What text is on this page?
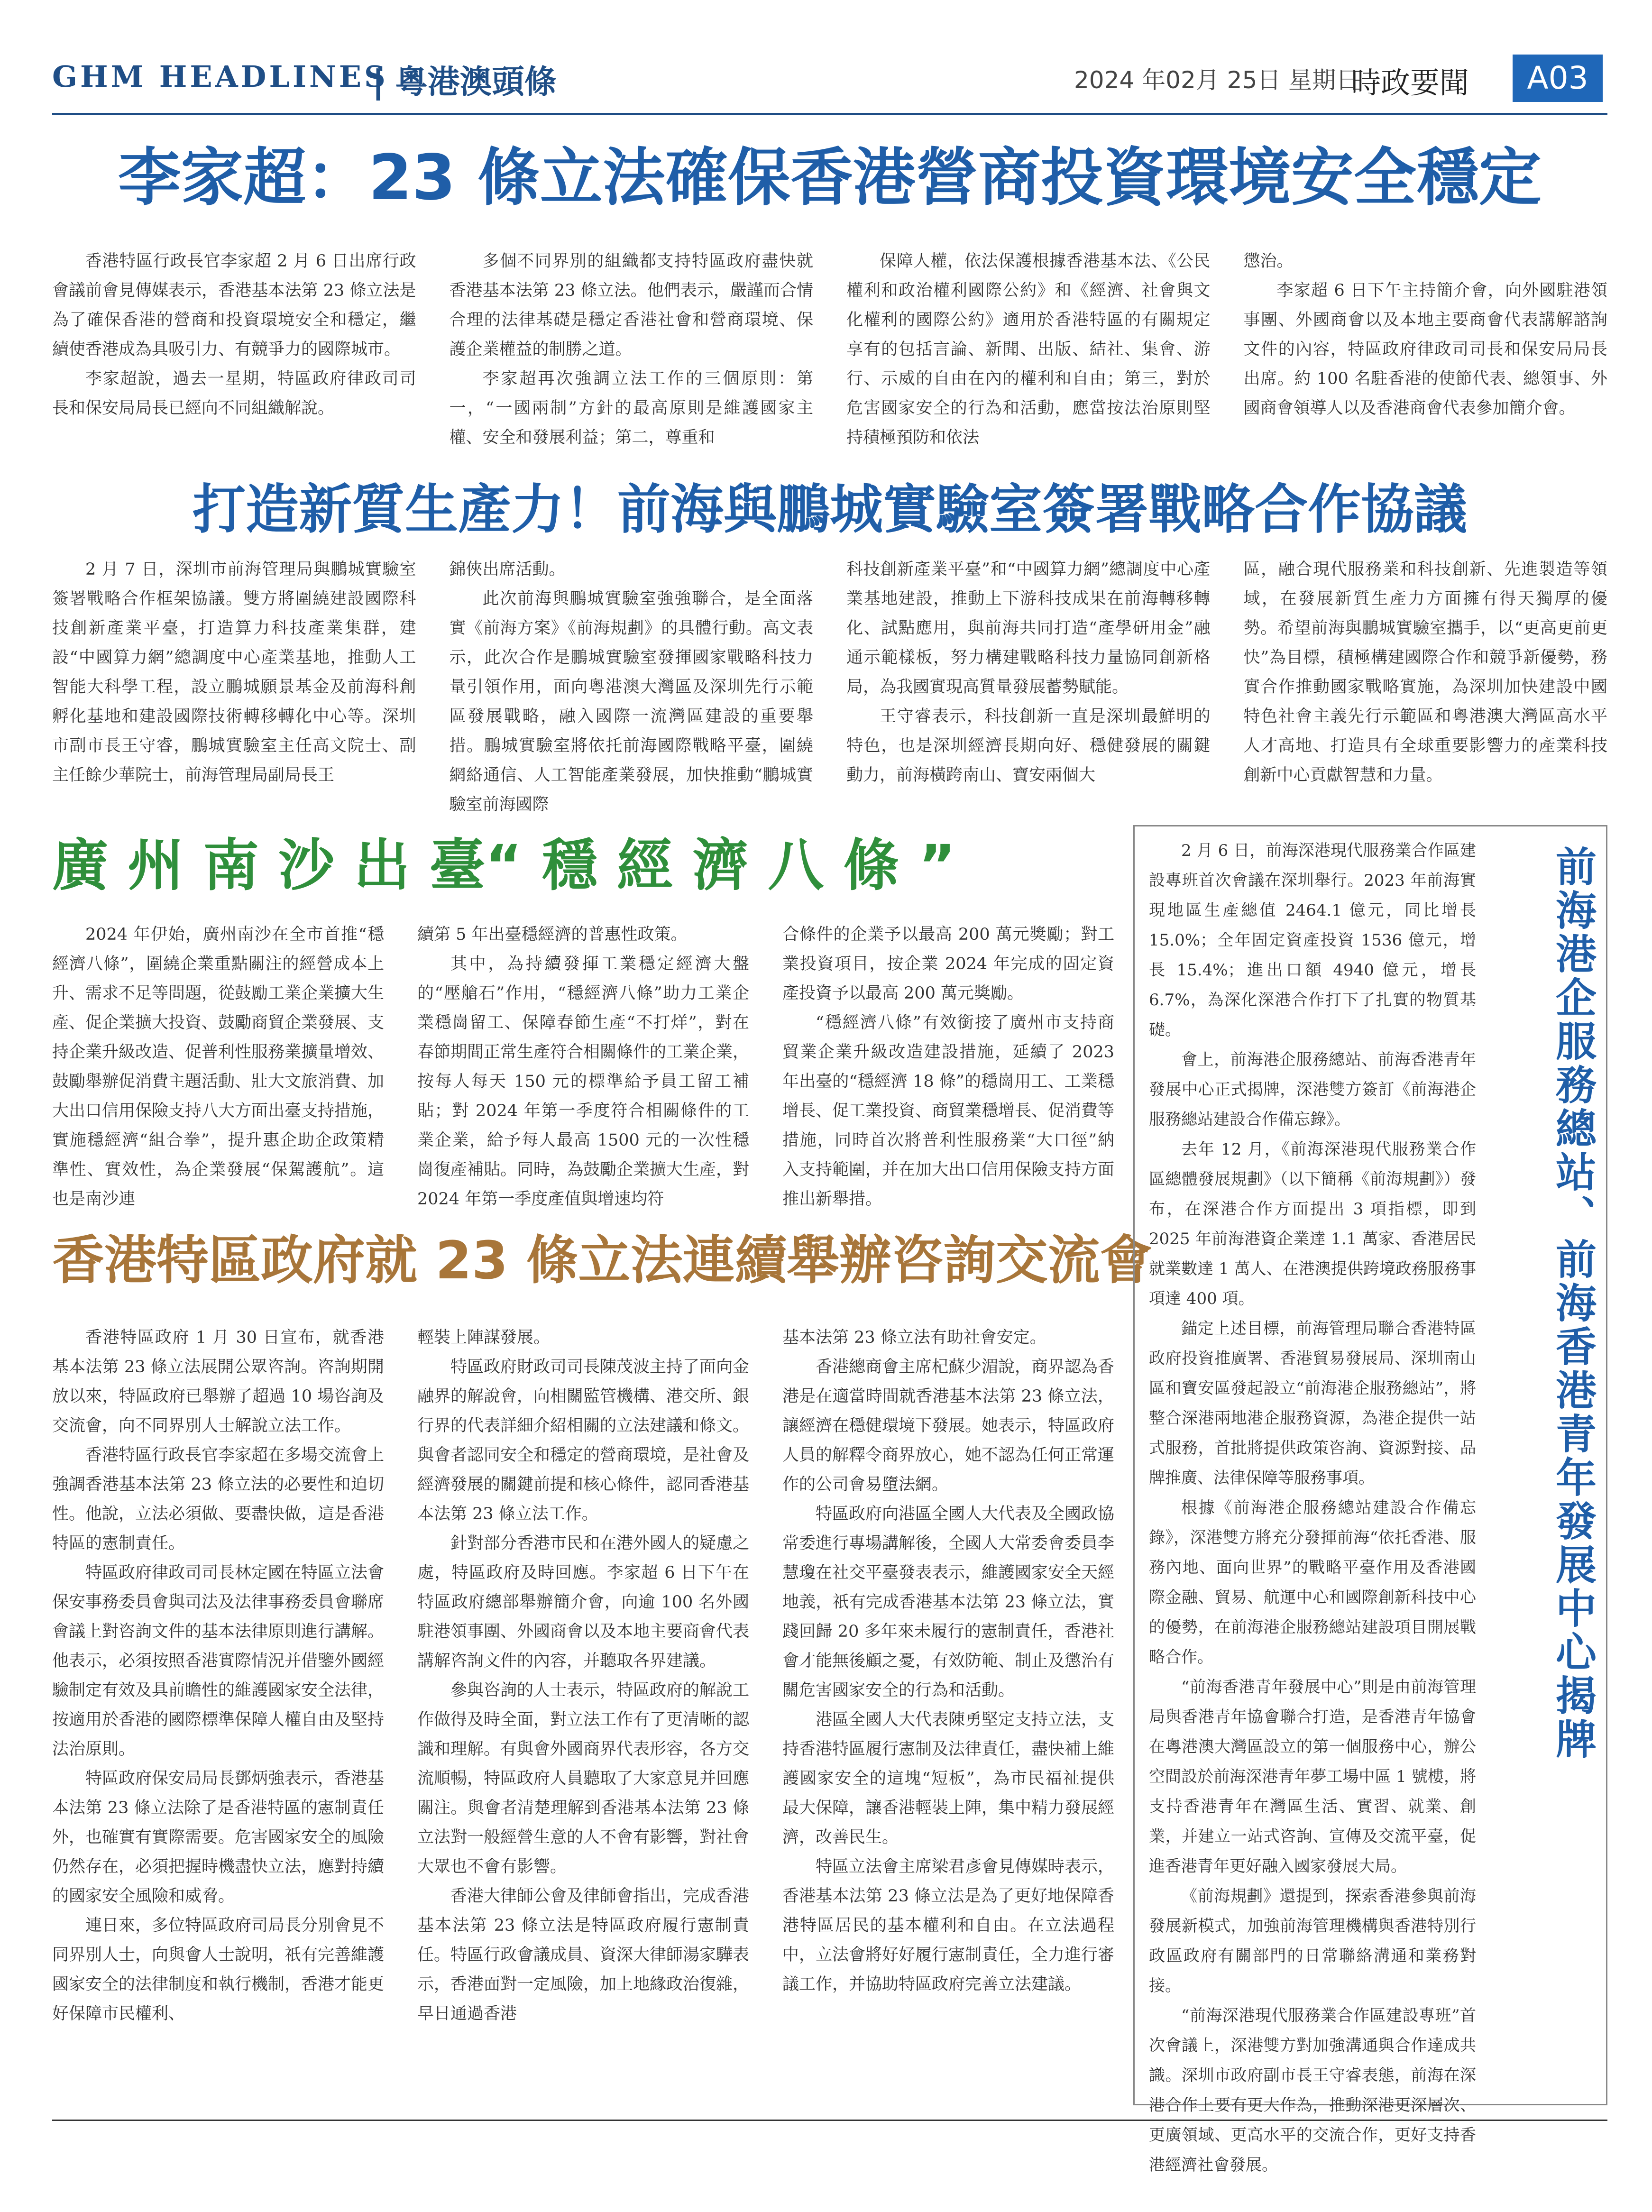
GHM HEADLINES
| 粵港澳頭條	2024 年02月 25日 星期日
時政要聞	A03
李家超：23 條立法確保香港營商投資環境安全穩定

香港特區行政長官李家超 2 月 6 日出席行政會議前會見傳媒表示，香港基本法第 23 條立法是為了確保香港的營商和投資環境安全和穩定，繼續使香港成為具吸引力、有競爭力的國際城市。

李家超說，過去一星期，特區政府律政司司長和保安局局長已經向不同組織解說。

多個不同界別的組織都支持特區政府盡快就香港基本法第 23 條立法。他們表示，嚴謹而合情合理的法律基礎是穩定香港社會和營商環境、保護企業權益的制勝之道。

李家超再次強調立法工作的三個原則：第一，“一國兩制”方針的最高原則是維護國家主權、安全和發展利益；第二，尊重和

保障人權，依法保護根據香港基本法、《公民權利和政治權利國際公約》和《經濟、社會與文化權利的國際公約》適用於香港特區的有關規定享有的包括言論、新聞、出版、結社、集會、游行、示威的自由在內的權利和自由；第三，對於危害國家安全的行為和活動，應當按法治原則堅持積極預防和依法

懲治。

李家超 6 日下午主持簡介會，向外國駐港領事團、外國商會以及本地主要商會代表講解諮詢文件的內容，特區政府律政司司長和保安局局長出席。約 100 名駐香港的使節代表、總領事、外國商會領導人以及香港商會代表參加簡介會。

打造新質生產力！前海與鵬城實驗室簽署戰略合作協議

2 月 7 日，深圳市前海管理局與鵬城實驗室簽署戰略合作框架協議。雙方將圍繞建設國際科技創新產業平臺，打造算力科技產業集群，建設“中國算力網”總調度中心產業基地，推動人工智能大科學工程，設立鵬城願景基金及前海科創孵化基地和建設國際技術轉移轉化中心等。深圳市副市長王守睿，鵬城實驗室主任高文院士、副主任餘少華院士，前海管理局副局長王

錦俠出席活動。

此次前海與鵬城實驗室強強聯合，是全面落實《前海方案》《前海規劃》的具體行動。高文表示，此次合作是鵬城實驗室發揮國家戰略科技力量引領作用，面向粵港澳大灣區及深圳先行示範區發展戰略，融入國際一流灣區建設的重要舉措。鵬城實驗室將依托前海國際戰略平臺，圍繞網絡通信、人工智能產業發展，加快推動“鵬城實驗室前海國際

科技創新產業平臺”和“中國算力網”總調度中心產業基地建設，推動上下游科技成果在前海轉移轉化、試點應用，與前海共同打造“產學研用金”融通示範樣板，努力構建戰略科技力量協同創新格局，為我國實現高質量發展蓄勢賦能。

王守睿表示，科技創新一直是深圳最鮮明的特色，也是深圳經濟長期向好、穩健發展的關鍵動力，前海橫跨南山、寶安兩個大

區，融合現代服務業和科技創新、先進製造等領域，在發展新質生產力方面擁有得天獨厚的優勢。希望前海與鵬城實驗室攜手，以“更高更前更快”為目標，積極構建國際合作和競爭新優勢，務實合作推動國家戰略實施，為深圳加快建設中國特色社會主義先行示範區和粵港澳大灣區高水平人才高地、打造具有全球重要影響力的產業科技創新中心貢獻智慧和力量。

廣 州 南 沙 出 臺“ 穩 經 濟 八 條 ”

2024 年伊始，廣州南沙在全市首推“穩經濟八條”，圍繞企業重點關注的經營成本上升、需求不足等問題，從鼓勵工業企業擴大生產、促企業擴大投資、鼓勵商貿企業發展、支持企業升級改造、促普利性服務業擴量增效、鼓勵舉辦促消費主題活動、壯大文旅消費、加大出口信用保險支持八大方面出臺支持措施，實施穩經濟“組合拳”，提升惠企助企政策精準性、實效性，為企業發展“保駕護航”。這也是南沙連

續第 5 年出臺穩經濟的普惠性政策。

其中，為持續發揮工業穩定經濟大盤的“壓艙石”作用，“穩經濟八條”助力工業企業穩崗留工、保障春節生產“不打烊”，對在春節期間正常生產符合相關條件的工業企業，按每人每天 150 元的標準給予員工留工補貼；對 2024 年第一季度符合相關條件的工業企業，給予每人最高 1500 元的一次性穩崗復產補貼。同時，為鼓勵企業擴大生產，對 2024 年第一季度產值與增速均符

合條件的企業予以最高 200 萬元獎勵；對工業投資項目，按企業 2024 年完成的固定資產投資予以最高 200 萬元獎勵。

“穩經濟八條”有效銜接了廣州市支持商貿業企業升級改造建設措施，延續了 2023 年出臺的“穩經濟 18 條”的穩崗用工、工業穩增長、促工業投資、商貿業穩增長、促消費等措施，同時首次將普利性服務業“大口徑”納入支持範圍，并在加大出口信用保險支持方面推出新舉措。

香港特區政府就 23 條立法連續舉辦咨詢交流會

香港特區政府 1 月 30 日宣布，就香港基本法第 23 條立法展開公眾咨詢。咨詢期開放以來，特區政府已舉辦了超過 10 場咨詢及交流會，向不同界別人士解說立法工作。

香港特區行政長官李家超在多場交流會上強調香港基本法第 23 條立法的必要性和迫切性。他說，立法必須做、要盡快做，這是香港特區的憲制責任。

特區政府律政司司長林定國在特區立法會保安事務委員會與司法及法律事務委員會聯席會議上對咨詢文件的基本法律原則進行講解。他表示，必須按照香港實際情況并借鑒外國經驗制定有效及具前瞻性的維護國家安全法律，按適用於香港的國際標準保障人權自由及堅持法治原則。

特區政府保安局局長鄧炳強表示，香港基本法第 23 條立法除了是香港特區的憲制責任外，也確實有實際需要。危害國家安全的風險仍然存在，必須把握時機盡快立法，應對持續的國家安全風險和威脅。

連日來，多位特區政府司局長分別會見不同界別人士，向與會人士說明，祇有完善維護國家安全的法律制度和執行機制，香港才能更好保障市民權利、

輕裝上陣謀發展。

特區政府財政司司長陳茂波主持了面向金融界的解說會，向相關監管機構、港交所、銀行界的代表詳細介紹相關的立法建議和條文。與會者認同安全和穩定的營商環境，是社會及經濟發展的關鍵前提和核心條件，認同香港基本法第 23 條立法工作。

針對部分香港市民和在港外國人的疑慮之處，特區政府及時回應。李家超 6 日下午在特區政府總部舉辦簡介會，向逾 100 名外國駐港領事團、外國商會以及本地主要商會代表講解咨詢文件的內容，并聽取各界建議。

參與咨詢的人士表示，特區政府的解說工作做得及時全面，對立法工作有了更清晰的認識和理解。有與會外國商界代表形容，各方交流順暢，特區政府人員聽取了大家意見并回應關注。與會者清楚理解到香港基本法第 23 條立法對一般經營生意的人不會有影響，對社會大眾也不會有影響。

香港大律師公會及律師會指出，完成香港基本法第 23 條立法是特區政府履行憲制責任。特區行政會議成員、資深大律師湯家驊表示，香港面對一定風險，加上地緣政治復雜，早日通過香港

基本法第 23 條立法有助社會安定。

香港總商會主席杞蘇少湄說，商界認為香港是在適當時間就香港基本法第 23 條立法，讓經濟在穩健環境下發展。她表示，特區政府人員的解釋令商界放心，她不認為任何正常運作的公司會易墮法網。

特區政府向港區全國人大代表及全國政協常委進行專場講解後，全國人大常委會委員李慧瓊在社交平臺發表表示，維護國家安全天經地義，祇有完成香港基本法第 23 條立法，實踐回歸 20 多年來未履行的憲制責任，香港社會才能無後顧之憂，有效防範、制止及懲治有關危害國家安全的行為和活動。

港區全國人大代表陳勇堅定支持立法，支持香港特區履行憲制及法律責任，盡快補上維護國家安全的這塊“短板”，為市民福祉提供最大保障，讓香港輕裝上陣，集中精力發展經濟，改善民生。

特區立法會主席梁君彥會見傳媒時表示，香港基本法第 23 條立法是為了更好地保障香港特區居民的基本權利和自由。在立法過程中，立法會將好好履行憲制責任，全力進行審議工作，并協助特區政府完善立法建議。

2 月 6 日，前海深港現代服務業合作區建設專班首次會議在深圳舉行。2023 年前海實現地區生產總值 2464.1 億元，同比增長 15.0%；全年固定資產投資 1536 億元，增長 15.4%；進出口額 4940 億元，增長 6.7%，為深化深港合作打下了扎實的物質基礎。

會上，前海港企服務總站、前海香港青年發展中心正式揭牌，深港雙方簽訂《前海港企服務總站建設合作備忘錄》。

去年 12 月，《前海深港現代服務業合作區總體發展規劃》（以下簡稱《前海規劃》）發布，在深港合作方面提出 3 項指標，即到 2025 年前海港資企業達 1.1 萬家、香港居民就業數達 1 萬人、在港澳提供跨境政務服務事項達 400 項。

錨定上述目標，前海管理局聯合香港特區政府投資推廣署、香港貿易發展局、深圳南山區和寶安區發起設立“前海港企服務總站”，將整合深港兩地港企服務資源，為港企提供一站式服務，首批將提供政策咨詢、資源對接、品牌推廣、法律保障等服務事項。

根據《前海港企服務總站建設合作備忘錄》，深港雙方將充分發揮前海“依托香港、服務內地、面向世界”的戰略平臺作用及香港國際金融、貿易、航運中心和國際創新科技中心的優勢，在前海港企服務總站建設項目開展戰略合作。

“前海香港青年發展中心”則是由前海管理局與香港青年協會聯合打造，是香港青年協會在粵港澳大灣區設立的第一個服務中心，辦公空間設於前海深港青年夢工場中區 1 號樓，將支持香港青年在灣區生活、實習、就業、創業，并建立一站式咨詢、宣傳及交流平臺，促進香港青年更好融入國家發展大局。

《前海規劃》還提到，探索香港參與前海發展新模式，加強前海管理機構與香港特別行政區政府有關部門的日常聯絡溝通和業務對接。

“前海深港現代服務業合作區建設專班”首次會議上，深港雙方對加強溝通與合作達成共識。深圳市政府副市長王守睿表態，前海在深港合作上要有更大作為，推動深港更深層次、更廣領域、更高水平的交流合作，更好支持香港經濟社會發展。

前海港企服務總站、前海香港青年發展中心揭牌
